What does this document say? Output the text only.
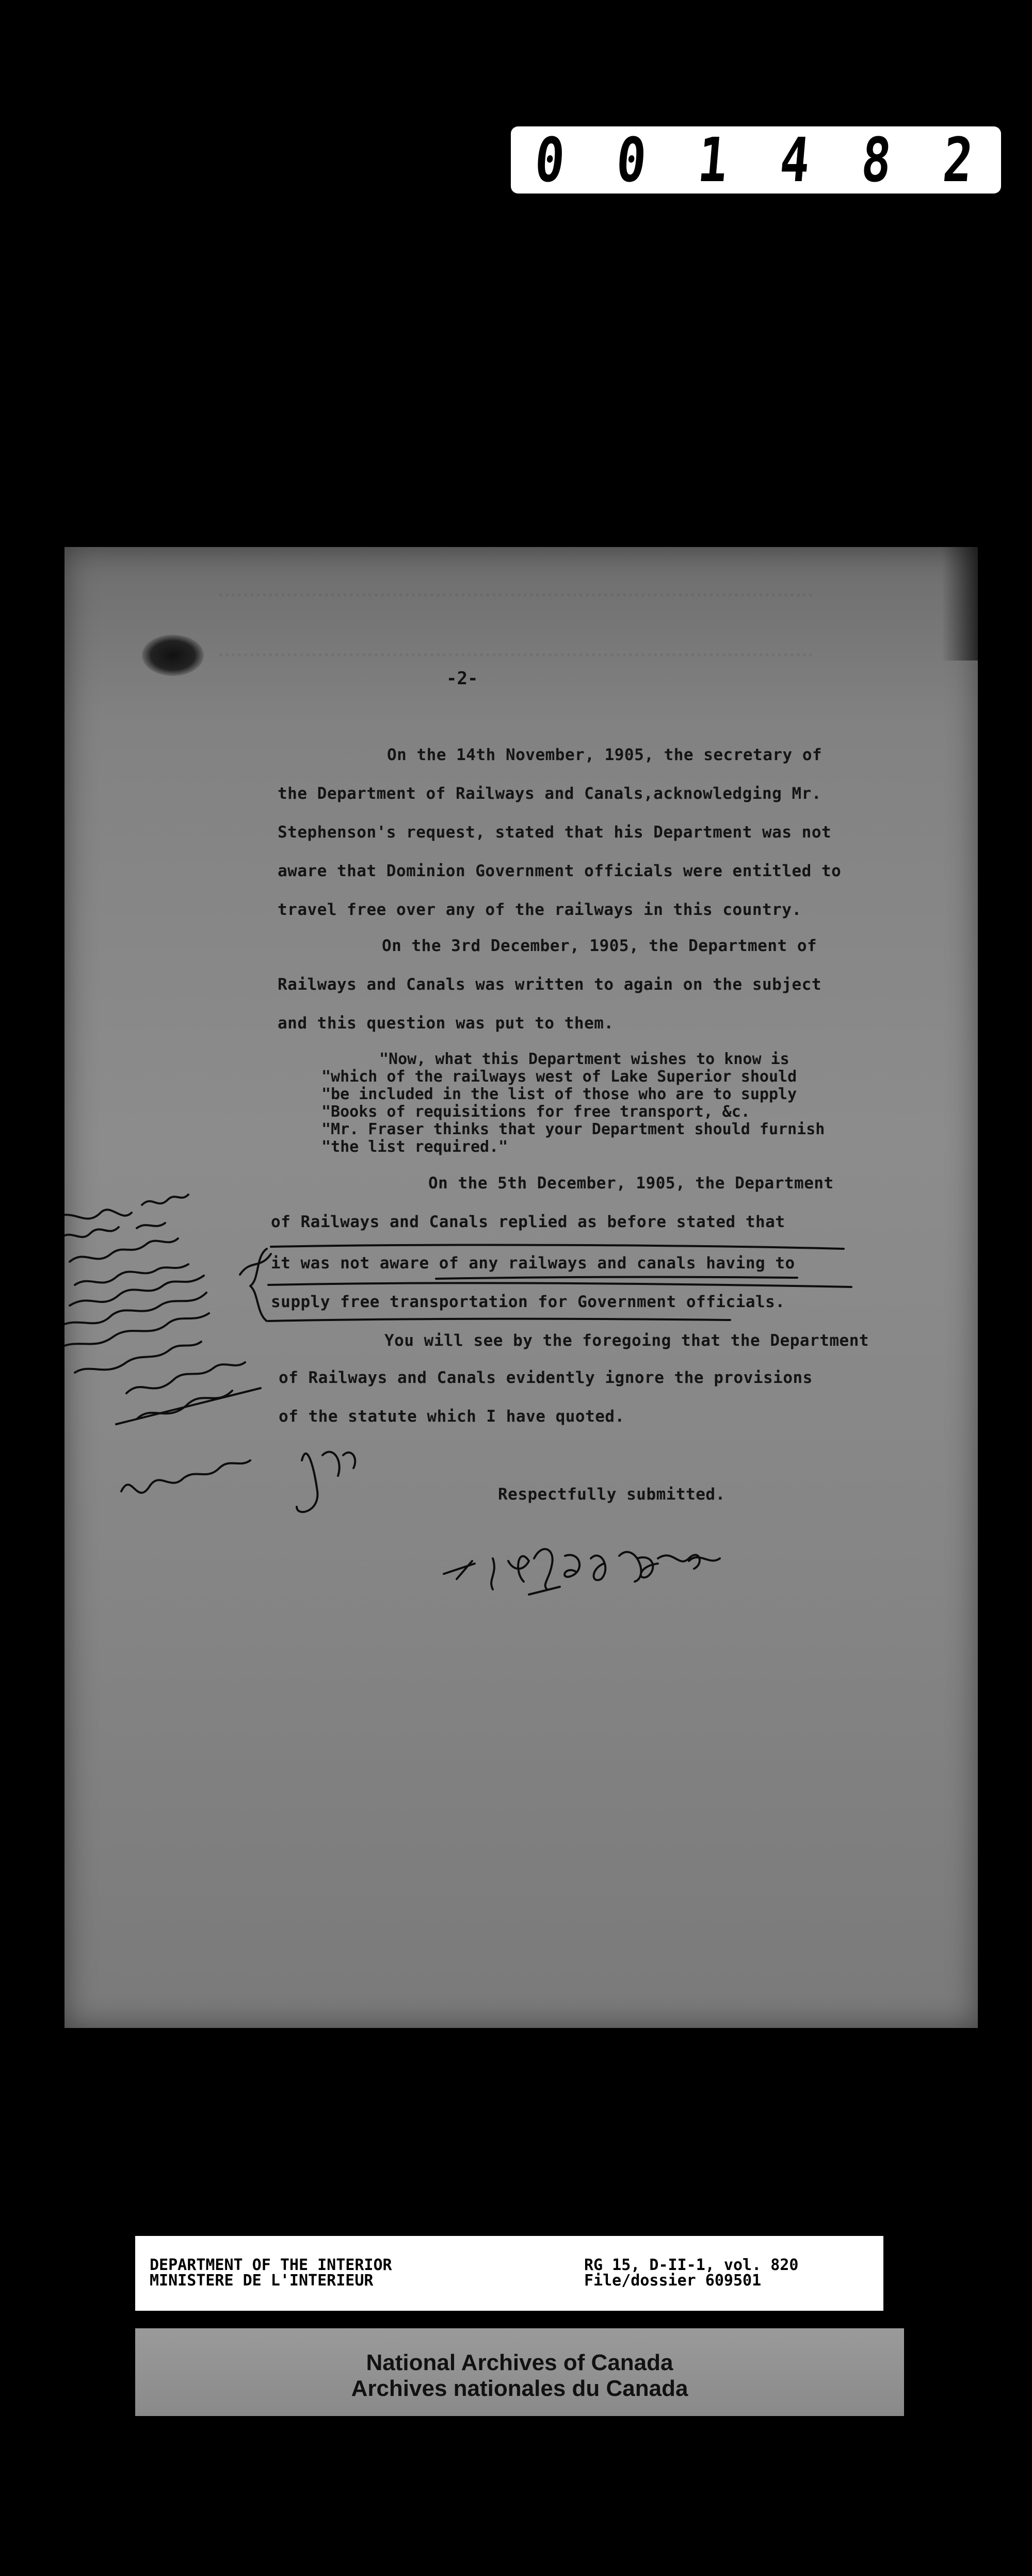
0 0 1 4 8 2
-2-
On the 14th November, 1905, the secretary of
the Department of Railways and Canals,acknowledging Mr.
Stephenson's request, stated that his Department was not
aware that Dominion Government officials were entitled to
travel free over any of the railways in this country.
On the 3rd December, 1905, the Department of
Railways and Canals was written to again on the subject
and this question was put to them.
"Now, what this Department wishes to know is
"which of the railways west of Lake Superior should
"be included in the list of those who are to supply
"Books of requisitions for free transport, &c.
"Mr. Fraser thinks that your Department should furnish
"the list required."
On the 5th December, 1905, the Department
of Railways and Canals replied as before stated that
it was not aware of any railways and canals having to
supply free transportation for Government officials.
You will see by the foregoing that the Department
of Railways and Canals evidently ignore the provisions
of the statute which I have quoted.
Respectfully submitted.
DEPARTMENT OF THE INTERIOR
MINISTERE DE L'INTERIEUR
RG 15, D-II-1, vol. 820
File/dossier 609501
National Archives of Canada
Archives nationales du Canada
